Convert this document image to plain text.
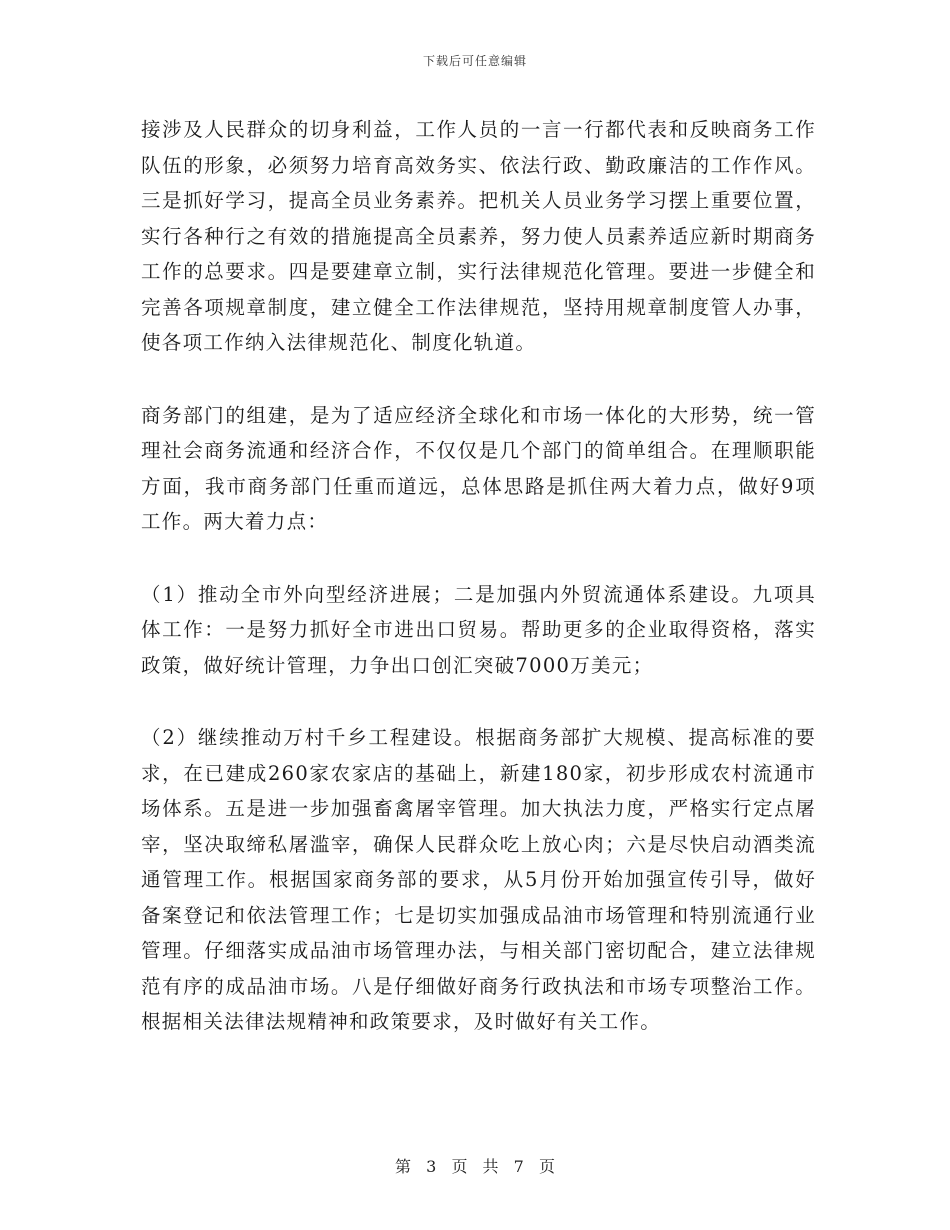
下载后可任意编辑

接涉及人民群众的切身利益，工作人员的一言一行都代表和反映商务工作队伍的形象，必须努力培育高效务实、依法行政、勤政廉洁的工作作风。三是抓好学习，提高全员业务素养。把机关人员业务学习摆上重要位置，实行各种行之有效的措施提高全员素养，努力使人员素养适应新时期商务工作的总要求。四是要建章立制，实行法律规范化管理。要进一步健全和完善各项规章制度，建立健全工作法律规范，坚持用规章制度管人办事，使各项工作纳入法律规范化、制度化轨道。

商务部门的组建，是为了适应经济全球化和市场一体化的大形势，统一管理社会商务流通和经济合作，不仅仅是几个部门的简单组合。在理顺职能方面，我市商务部门任重而道远，总体思路是抓住两大着力点，做好9项工作。两大着力点：

（1）推动全市外向型经济进展；二是加强内外贸流通体系建设。九项具体工作：一是努力抓好全市进出口贸易。帮助更多的企业取得资格，落实政策，做好统计管理，力争出口创汇突破7000万美元；

（2）继续推动万村千乡工程建设。根据商务部扩大规模、提高标准的要求，在已建成260家农家店的基础上，新建180家，初步形成农村流通市场体系。五是进一步加强畜禽屠宰管理。加大执法力度，严格实行定点屠宰，坚决取缔私屠滥宰，确保人民群众吃上放心肉；六是尽快启动酒类流通管理工作。根据国家商务部的要求，从5月份开始加强宣传引导，做好备案登记和依法管理工作；七是切实加强成品油市场管理和特别流通行业管理。仔细落实成品油市场管理办法，与相关部门密切配合，建立法律规范有序的成品油市场。八是仔细做好商务行政执法和市场专项整治工作。根据相关法律法规精神和政策要求，及时做好有关工作。

第 3 页 共 7 页
